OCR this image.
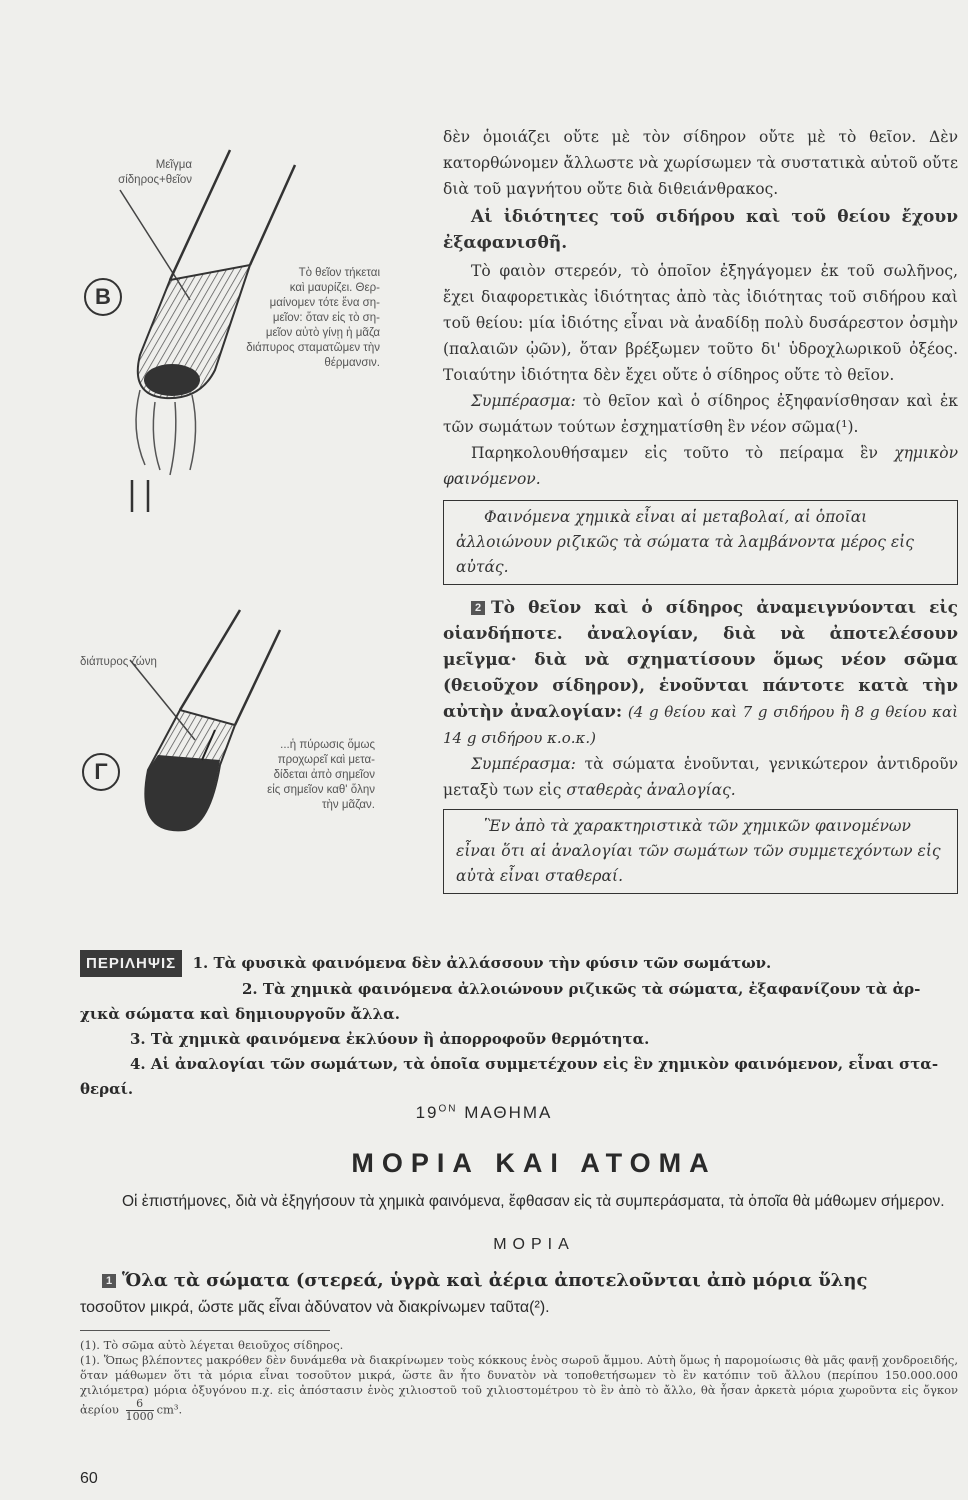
Μεῖγμα
σίδηρος+θεῖον
B
Τὸ θεῖον τήκεται
καὶ μαυρίζει. Θερ-
μαίνομεν τότε ἕνα ση-
μεῖον: ὅταν εἰς τὸ ση-
μεῖον αὐτὸ γίνῃ ἡ μᾶζα
διάπυρος σταματῶμεν τὴν
θέρμανσιν.
διάπυρος ζώνη
Γ
...ἡ πύρωσις ὅμως
προχωρεῖ καὶ μετα-
δίδεται ἀπὸ σημεῖον
εἰς σημεῖον καθ' ὅλην
τὴν μᾶζαν.

δὲν ὁμοιάζει οὔτε μὲ τὸν σίδηρον οὔτε μὲ τὸ θεῖον. Δὲν κατορθώνομεν ἄλλωστε νὰ χωρίσωμεν τὰ συστατικὰ αὐτοῦ οὔτε διὰ τοῦ μαγνήτου οὔτε διὰ διθειάνθρακος.

Αἱ ἰδιότητες τοῦ σιδήρου καὶ τοῦ θείου ἔχουν ἐξαφανισθῆ.

Τὸ φαιὸν στερεόν, τὸ ὁποῖον ἐξηγάγομεν ἐκ τοῦ σωλῆνος, ἔχει διαφορετικὰς ἰδιότητας ἀπὸ τὰς ἰδιότητας τοῦ σιδήρου καὶ τοῦ θείου: μία ἰδιότης εἶναι νὰ ἀναδίδῃ πολὺ δυσάρεστον ὀσμὴν (παλαιῶν ᾠῶν), ὅταν βρέξωμεν τοῦτο δι' ὑδροχλωρικοῦ ὀξέος. Τοιαύτην ἰδιότητα δὲν ἔχει οὔτε ὁ σίδηρος οὔτε τὸ θεῖον.

Συμπέρασμα: τὸ θεῖον καὶ ὁ σίδηρος ἐξηφανίσθησαν καὶ ἐκ τῶν σωμάτων τούτων ἐσχηματίσθη ἓν νέον σῶμα(¹).

Παρηκολουθήσαμεν εἰς τοῦτο τὸ πείραμα ἓν χημικὸν φαινόμενον.

Φαινόμενα χημικὰ εἶναι αἱ μεταβολαί, αἱ ὁποῖαι ἀλλοιώνουν ριζικῶς τὰ σώματα τὰ λαμβάνοντα μέρος εἰς αὐτάς.

2 Τὸ θεῖον καὶ ὁ σίδηρος ἀναμειγνύονται εἰς οἱανδήποτε. ἀναλογίαν, διὰ νὰ ἀποτελέσουν μεῖγμα· διὰ νὰ σχηματίσουν ὅμως νέον σῶμα (θειοῦχον σίδηρον), ἑνοῦνται πάντοτε κατὰ τὴν αὐτὴν ἀναλογίαν: (4 g θείου καὶ 7 g σιδήρου ἢ 8 g θείου καὶ 14 g σιδήρου κ.ο.κ.)

Συμπέρασμα: τὰ σώματα ἑνοῦνται, γενικώτερον ἀντιδροῦν μεταξὺ των εἰς σταθερὰς ἀναλογίας.

Ἓν ἀπὸ τὰ χαρακτηριστικὰ τῶν χημικῶν φαινομένων εἶναι ὅτι αἱ ἀναλογίαι τῶν σωμάτων τῶν συμμετεχόντων εἰς αὐτὰ εἶναι σταθεραί.

ΠΕΡΙΛΗΨΙΣ 1. Τὰ φυσικὰ φαινόμενα δὲν ἀλλάσσουν τὴν φύσιν τῶν σωμάτων.

2. Τὰ χημικὰ φαινόμενα ἀλλοιώνουν ριζικῶς τὰ σώματα, ἐξαφανίζουν τὰ ἀρ-

χικὰ σώματα καὶ δημιουργοῦν ἄλλα.

3. Τὰ χημικὰ φαινόμενα ἐκλύουν ἢ ἀπορροφοῦν θερμότητα.

4. Αἱ ἀναλογίαι τῶν σωμάτων, τὰ ὁποῖα συμμετέχουν εἰς ἓν χημικὸν φαινόμενον, εἶναι στα-

θεραί.

$19^{ON}$ ΜΑΘΗΜΑ
ΜΟΡΙΑ ΚΑΙ ΑΤΟΜΑ
Οἱ ἐπιστήμονες, διὰ νὰ ἐξηγήσουν τὰ χημικὰ φαινόμενα, ἔφθασαν εἰς τὰ συμπεράσματα, τὰ ὁποῖα θὰ μάθωμεν σήμερον.
ΜΟΡΙΑ
1 Ὅλα τὰ σώματα (στερεά, ὑγρὰ καὶ ἀέρια ἀποτελοῦνται ἀπὸ μόρια ὕλης
τοσοῦτον μικρά, ὥστε μᾶς εἶναι ἀδύνατον νὰ διακρίνωμεν ταῦτα(²).

(1). Τὸ σῶμα αὐτὸ λέγεται θειοῦχος σίδηρος.

(1). Ὅπως βλέποντες μακρόθεν δὲν δυνάμεθα νὰ διακρίνωμεν τοὺς κόκκους ἑνὸς σωροῦ ἄμμου. Αὐτὴ ὅμως ἡ παρομοίωσις θὰ μᾶς φανῇ χονδροειδής, ὅταν μάθωμεν ὅτι τὰ μόρια εἶναι τοσοῦτον μικρά, ὥστε ἂν ἦτο δυνατὸν νὰ τοποθετήσωμεν τὸ ἓν κατόπιν τοῦ ἄλλου (περίπου 150.000.000 χιλιόμετρα) μόρια ὀξυγόνου π.χ. εἰς ἀπόστασιν ἑνὸς χιλιοστοῦ τοῦ χιλιοστομέτρου τὸ ἓν ἀπὸ τὸ ἄλλο, θὰ ἦσαν ἀρκετὰ μόρια χωροῦντα εἰς ὄγκον ἀερίου $\frac{6}{1000} cm^3$.

60
